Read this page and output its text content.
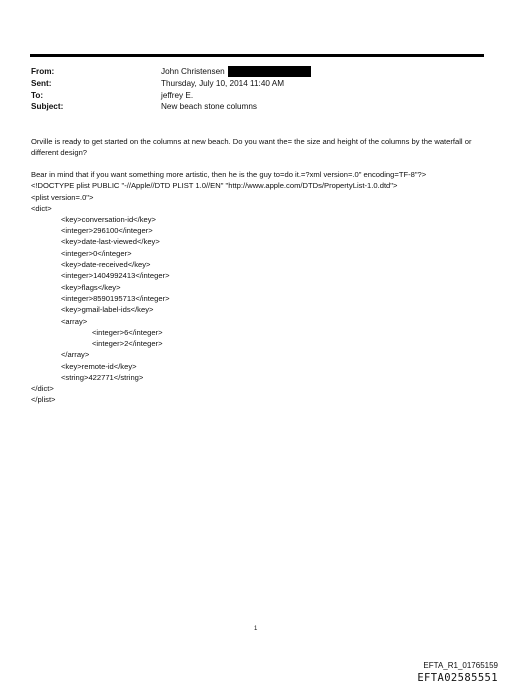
From:	John Christensen
Sent:	Thursday, July 10, 2014 11:40 AM
To:	jeffrey E.
Subject:	New beach stone columns
Orville is ready to get started on the columns at new beach. Do you want the= the size and height of the columns by the waterfall or different design?
Bear in mind that if you want something more artistic, then he is the guy to=do it.=?xml version=.0" encoding=TF-8"?>
<!DOCTYPE plist PUBLIC "-//Apple//DTD PLIST 1.0//EN" "http://www.apple.com/DTDs/PropertyList-1.0.dtd">
<plist version=.0">
<dict>
<key>conversation-id</key>
<integer>296100</integer>
<key>date-last-viewed</key>
<integer>0</integer>
<key>date-received</key>
<integer>1404992413</integer>
<key>flags</key>
<integer>8590195713</integer>
<key>gmail-label-ids</key>
<array>
<integer>6</integer>
<integer>2</integer>
</array>
<key>remote-id</key>
<string>422771</string>
</dict>
</plist>
1
EFTA_R1_01765159
EFTA02585551
